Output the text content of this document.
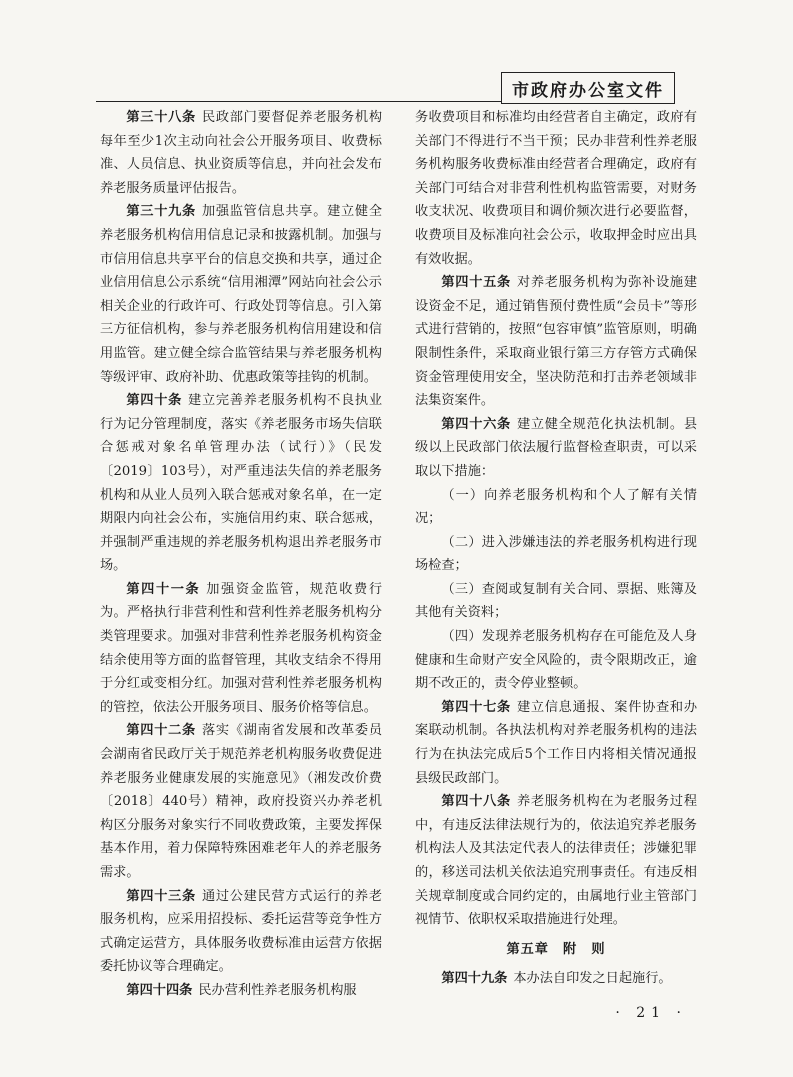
市政府办公室文件

第三十八条 民政部门要督促养老服务机构每年至少1次主动向社会公开服务项目、收费标准、人员信息、执业资质等信息，并向社会发布养老服务质量评估报告。

第三十九条 加强监管信息共享。建立健全养老服务机构信用信息记录和披露机制。加强与市信用信息共享平台的信息交换和共享，通过企业信用信息公示系统“信用湘潭”网站向社会公示相关企业的行政许可、行政处罚等信息。引入第三方征信机构，参与养老服务机构信用建设和信用监管。建立健全综合监管结果与养老服务机构等级评审、政府补助、优惠政策等挂钩的机制。

第四十条 建立完善养老服务机构不良执业行为记分管理制度，落实《养老服务市场失信联合惩戒对象名单管理办法（试行）》（民发〔2019〕103号），对严重违法失信的养老服务机构和从业人员列入联合惩戒对象名单，在一定期限内向社会公布，实施信用约束、联合惩戒，并强制严重违规的养老服务机构退出养老服务市场。

第四十一条 加强资金监管，规范收费行为。严格执行非营利性和营利性养老服务机构分类管理要求。加强对非营利性养老服务机构资金结余使用等方面的监督管理，其收支结余不得用于分红或变相分红。加强对营利性养老服务机构的管控，依法公开服务项目、服务价格等信息。

第四十二条 落实《湖南省发展和改革委员会湖南省民政厅关于规范养老机构服务收费促进养老服务业健康发展的实施意见》（湘发改价费〔2018〕440号）精神，政府投资兴办养老机构区分服务对象实行不同收费政策，主要发挥保基本作用，着力保障特殊困难老年人的养老服务需求。

第四十三条 通过公建民营方式运行的养老服务机构，应采用招投标、委托运营等竞争性方式确定运营方，具体服务收费标准由运营方依据委托协议等合理确定。

第四十四条 民办营利性养老服务机构服

务收费项目和标准均由经营者自主确定，政府有关部门不得进行不当干预；民办非营利性养老服务机构服务收费标准由经营者合理确定，政府有关部门可结合对非营利性机构监管需要，对财务收支状况、收费项目和调价频次进行必要监督，收费项目及标准向社会公示，收取押金时应出具有效收据。

第四十五条 对养老服务机构为弥补设施建设资金不足，通过销售预付费性质“会员卡”等形式进行营销的，按照“包容审慎”监管原则，明确限制性条件，采取商业银行第三方存管方式确保资金管理使用安全，坚决防范和打击养老领域非法集资案件。

第四十六条 建立健全规范化执法机制。县级以上民政部门依法履行监督检查职责，可以采取以下措施：

（一）向养老服务机构和个人了解有关情况；

（二）进入涉嫌违法的养老服务机构进行现场检查；

（三）查阅或复制有关合同、票据、账簿及其他有关资料；

（四）发现养老服务机构存在可能危及人身健康和生命财产安全风险的，责令限期改正，逾期不改正的，责令停业整顿。

第四十七条 建立信息通报、案件协查和办案联动机制。各执法机构对养老服务机构的违法行为在执法完成后5个工作日内将相关情况通报县级民政部门。

第四十八条 养老服务机构在为老服务过程中，有违反法律法规行为的，依法追究养老服务机构法人及其法定代表人的法律责任；涉嫌犯罪的，移送司法机关依法追究刑事责任。有违反相关规章制度或合同约定的，由属地行业主管部门视情节、依职权采取措施进行处理。

第五章 附　则

第四十九条 本办法自印发之日起施行。

· 21 ·
